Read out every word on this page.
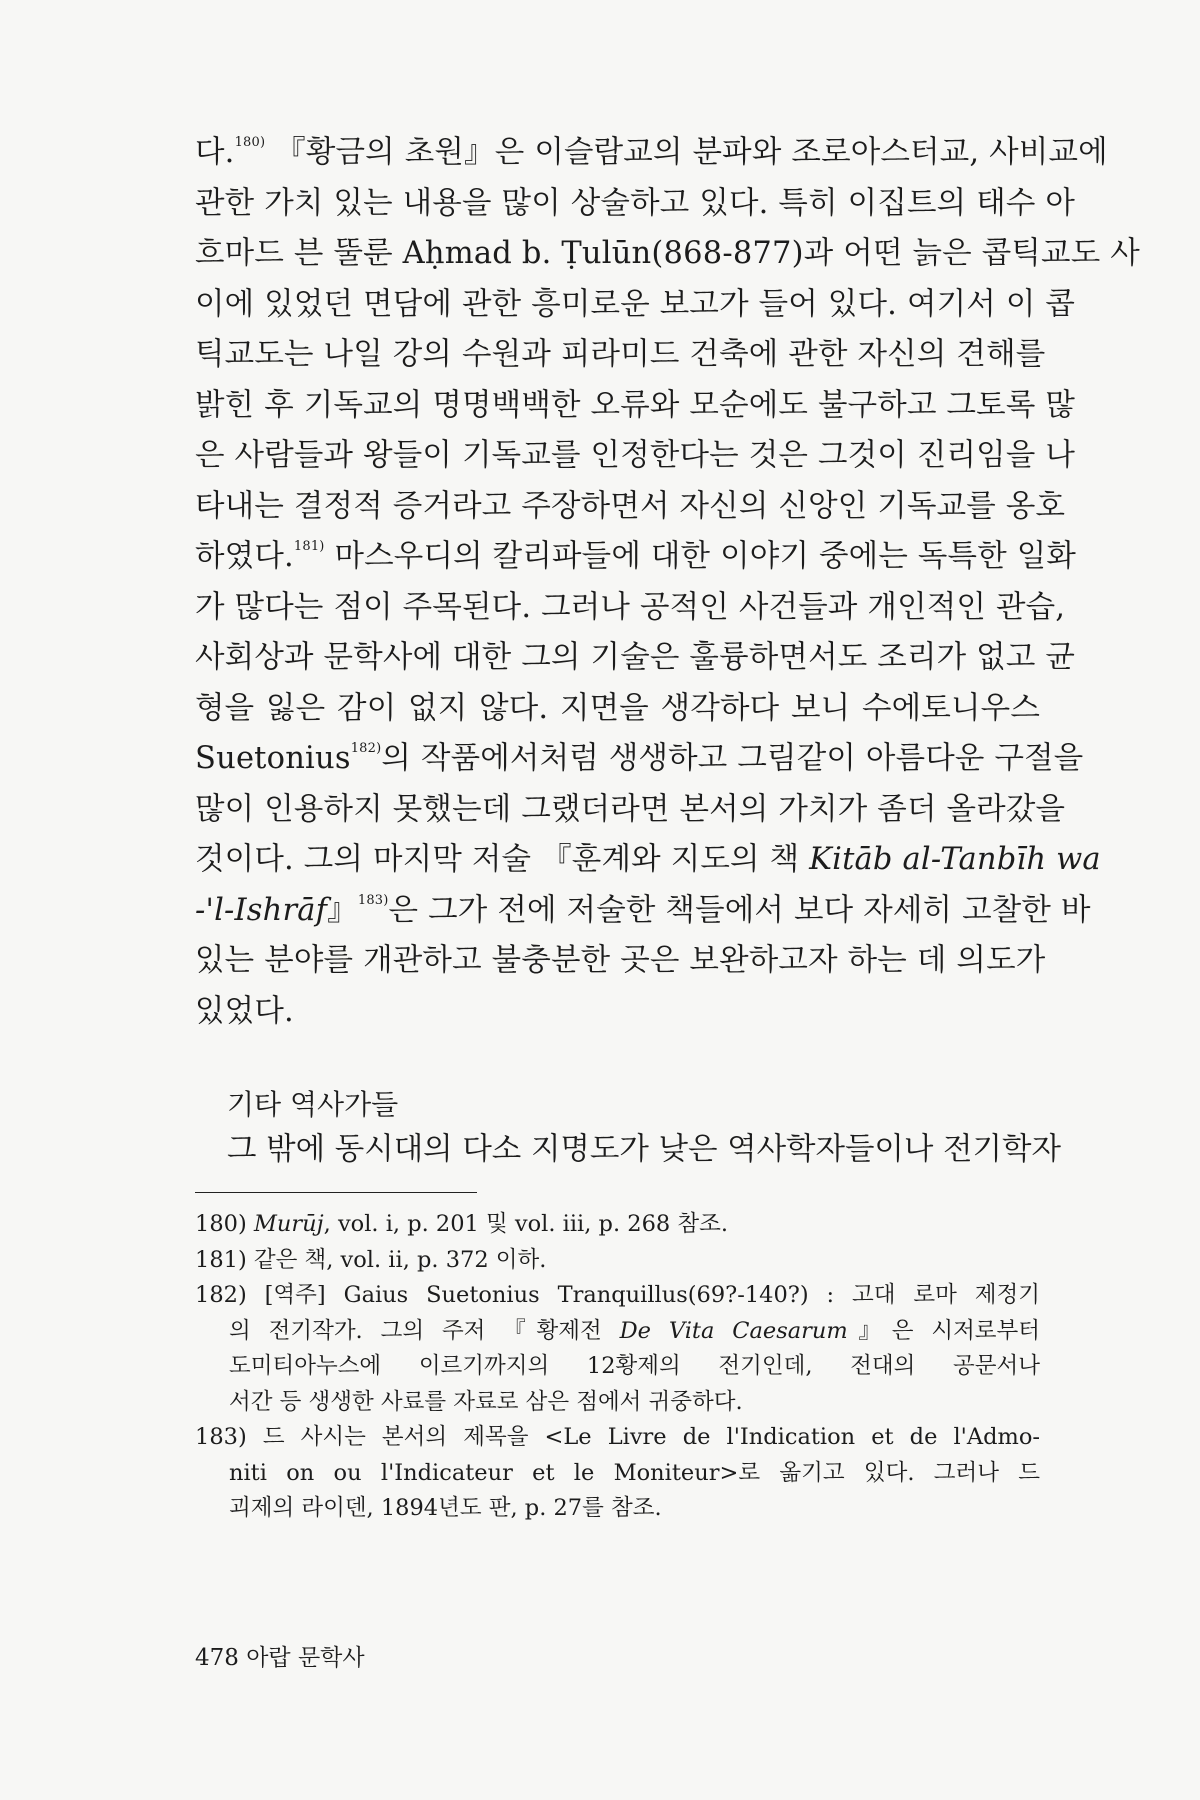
다.$^{180)}$ 『황금의 초원』은 이슬람교의 분파와 조로아스터교, 사비교에
관한 가치 있는 내용을 많이 상술하고 있다. 특히 이집트의 태수 아
흐마드 븐 뚤룬 Aḥmad b. Ṭulūn(868-877)과 어떤 늙은 콥틱교도 사
이에 있었던 면담에 관한 흥미로운 보고가 들어 있다. 여기서 이 콥
틱교도는 나일 강의 수원과 피라미드 건축에 관한 자신의 견해를
밝힌 후 기독교의 명명백백한 오류와 모순에도 불구하고 그토록 많
은 사람들과 왕들이 기독교를 인정한다는 것은 그것이 진리임을 나
타내는 결정적 증거라고 주장하면서 자신의 신앙인 기독교를 옹호
하였다.$^{181)}$ 마스우디의 칼리파들에 대한 이야기 중에는 독특한 일화
가 많다는 점이 주목된다. 그러나 공적인 사건들과 개인적인 관습,
사회상과 문학사에 대한 그의 기술은 훌륭하면서도 조리가 없고 균
형을 잃은 감이 없지 않다. 지면을 생각하다 보니 수에토니우스
Suetonius$^{182)}$의 작품에서처럼 생생하고 그림같이 아름다운 구절을
많이 인용하지 못했는데 그랬더라면 본서의 가치가 좀더 올라갔을
것이다. 그의 마지막 저술 『훈계와 지도의 책 Kitāb al-Tanbīh wa
-'l-Ishrāf』$^{183)}$은 그가 전에 저술한 책들에서 보다 자세히 고찰한 바
있는 분야를 개관하고 불충분한 곳은 보완하고자 하는 데 의도가
있었다.
기타 역사가들
그 밖에 동시대의 다소 지명도가 낮은 역사학자들이나 전기학자
180) Murūj, vol. i, p. 201 및 vol. iii, p. 268 참조.
181) 같은 책, vol. ii, p. 372 이하.
182) [역주] Gaius Suetonius Tranquillus(69?-140?) : 고대 로마 제정기
의 전기작가. 그의 주저 『황제전 De Vita Caesarum』은 시저로부터
도미티아누스에 이르기까지의 12황제의 전기인데, 전대의 공문서나
서간 등 생생한 사료를 자료로 삼은 점에서 귀중하다.
183) 드 사시는 본서의 제목을 <Le Livre de l'Indication et de l'Admo-
niti on ou l'Indicateur et le Moniteur>로 옮기고 있다. 그러나 드
괴제의 라이덴, 1894년도 판, p. 27를 참조.
478 아랍 문학사
